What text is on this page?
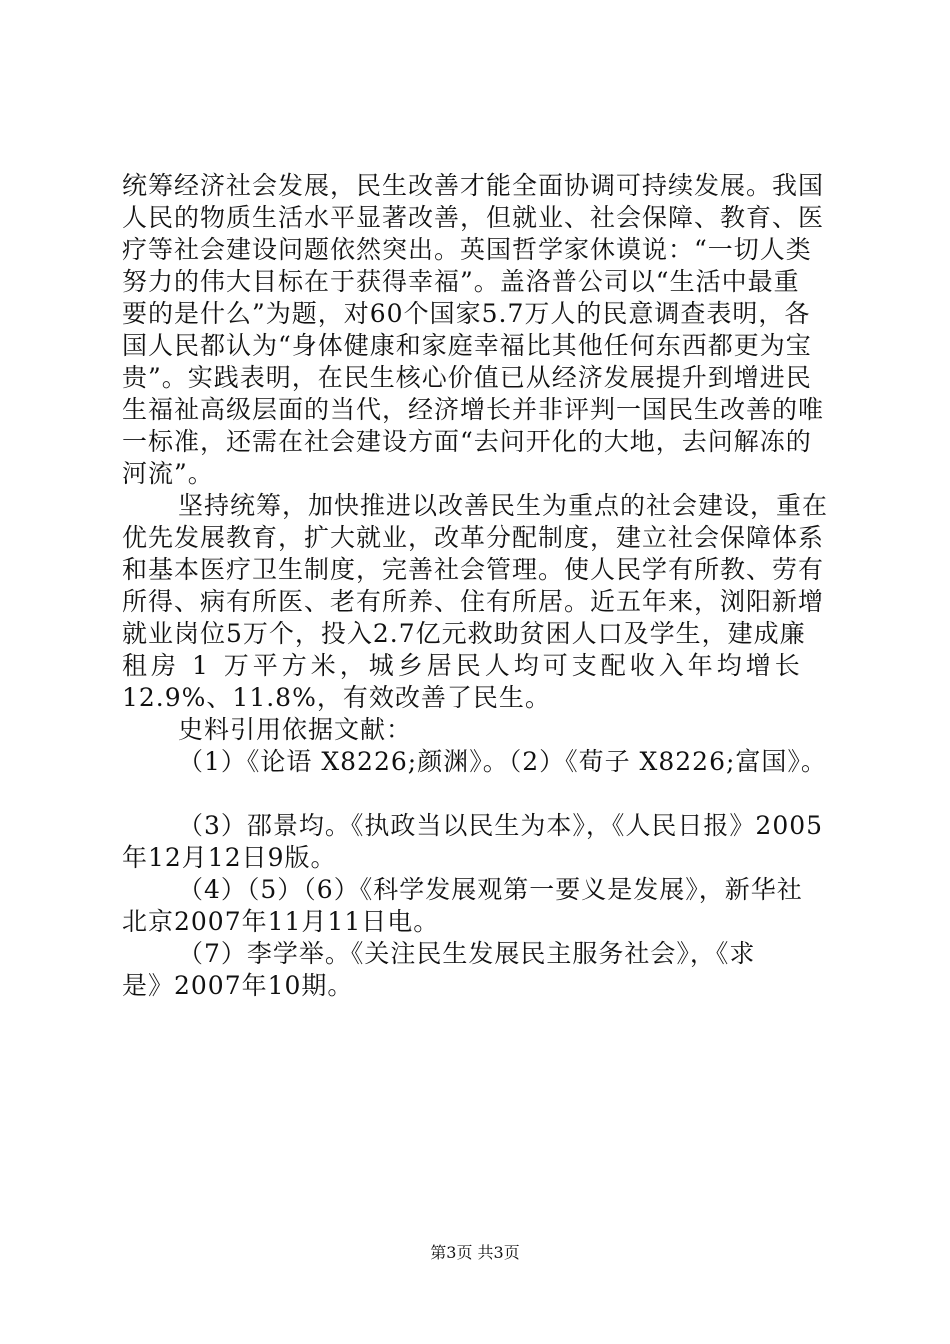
统筹经济社会发展，民生改善才能全面协调可持续发展。我国
人民的物质生活水平显著改善，但就业、社会保障、教育、医
疗等社会建设问题依然突出。英国哲学家休谟说：“一切人类
努力的伟大目标在于获得幸福”。盖洛普公司以“生活中最重
要的是什么”为题，对60个国家5.7万人的民意调查表明，各
国人民都认为“身体健康和家庭幸福比其他任何东西都更为宝
贵”。实践表明，在民生核心价值已从经济发展提升到增进民
生福祉高级层面的当代，经济增长并非评判一国民生改善的唯
一标准，还需在社会建设方面“去问开化的大地，去问解冻的
河流”。
坚持统筹，加快推进以改善民生为重点的社会建设，重在
优先发展教育，扩大就业，改革分配制度，建立社会保障体系
和基本医疗卫生制度，完善社会管理。使人民学有所教、劳有
所得、病有所医、老有所养、住有所居。近五年来，浏阳新增
就业岗位5万个，投入2.7亿元救助贫困人口及学生，建成廉
租房 1 万平方米，城乡居民人均可支配收入年均增长
12.9%、11.8%，有效改善了民生。
史料引用依据文献：
（1）《论语 X8226;颜渊》。（2）《荀子 X8226;富国》。
（3）邵景均。《执政当以民生为本》，《人民日报》2005
年12月12日9版。
（4）（5）（6）《科学发展观第一要义是发展》，新华社
北京2007年11月11日电。
（7）李学举。《关注民生发展民主服务社会》，《求
是》2007年10期。
第3页 共3页
